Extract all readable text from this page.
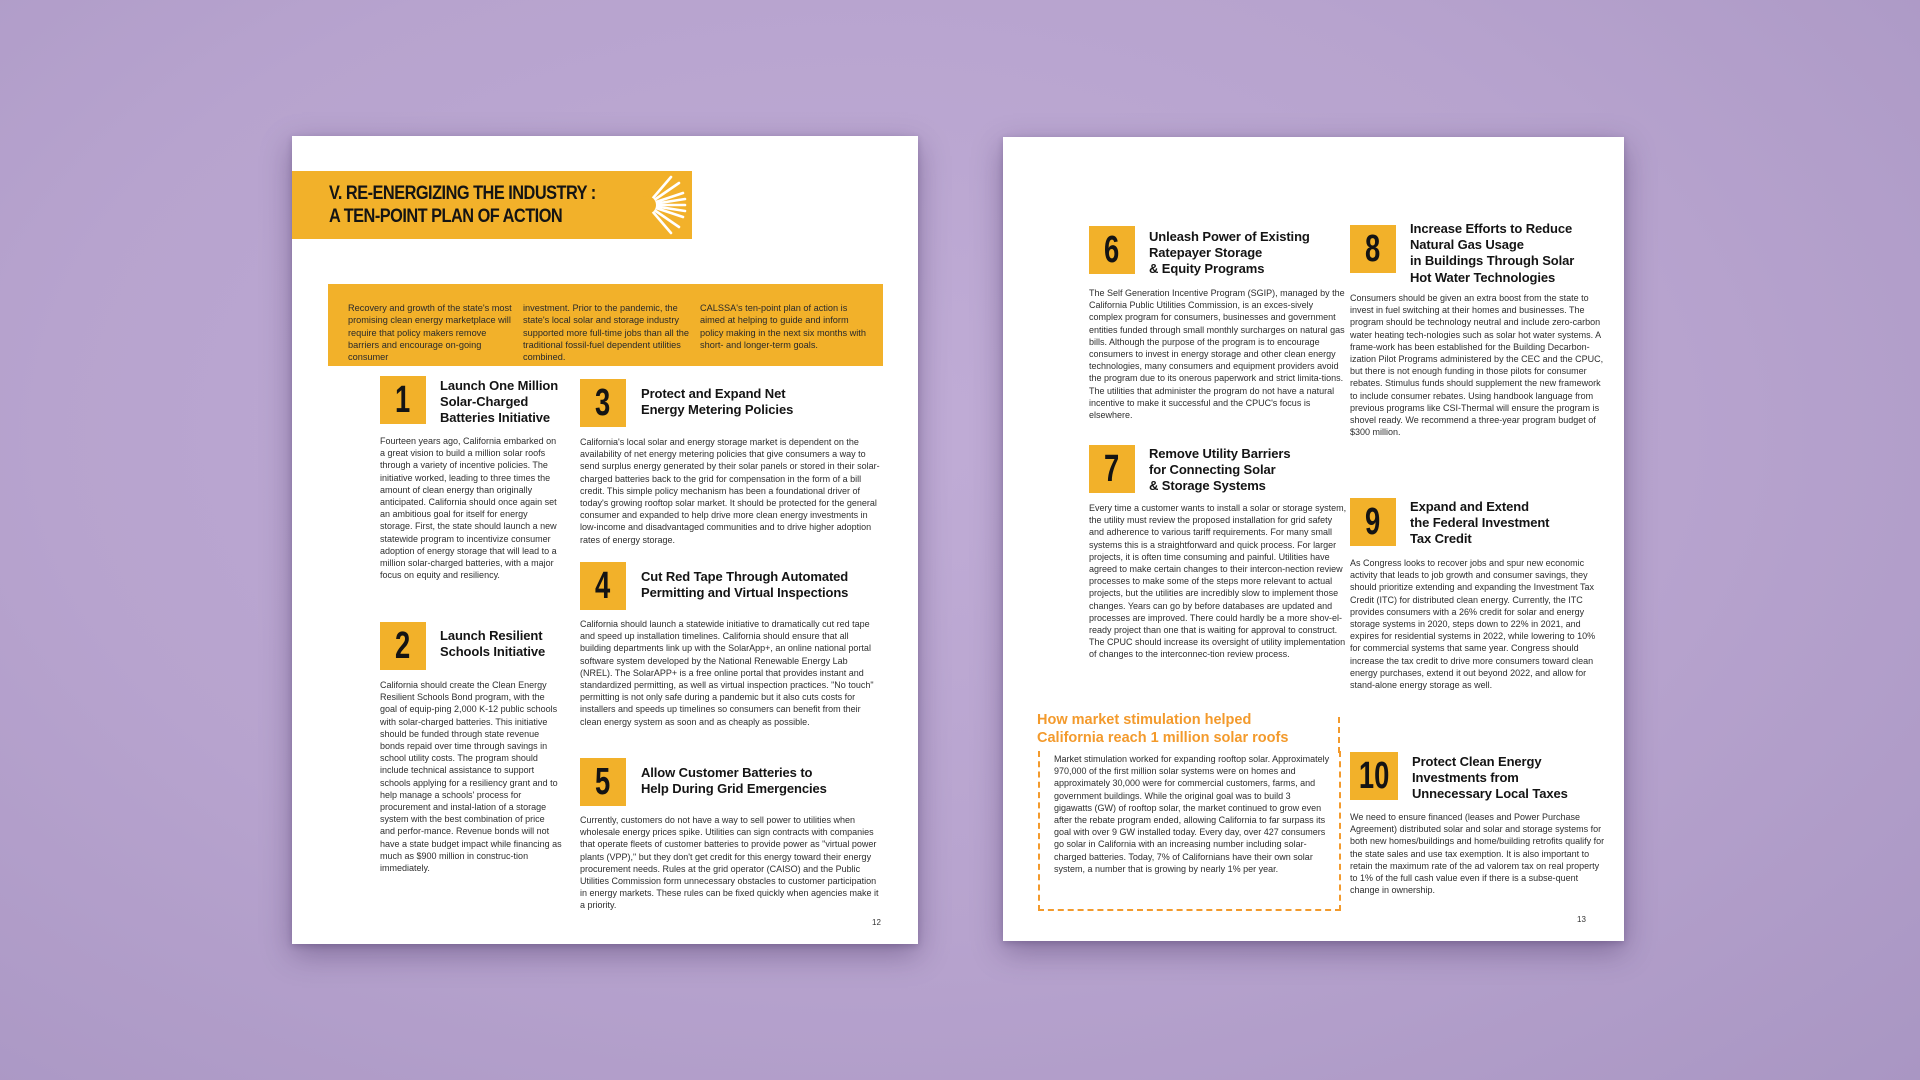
V. RE-ENERGIZING THE INDUSTRY :
A TEN-POINT PLAN OF ACTION

Recovery and growth of the state's most promising clean energy marketplace will require that policy makers remove barriers and encourage on-going consumer

investment. Prior to the pandemic, the state's local solar and storage industry supported more full-time jobs than all the traditional fossil-fuel dependent utilities combined.

CALSSA's ten-point plan of action is aimed at helping to guide and inform policy making in the next six months with short- and longer-term goals.

1 Launch One Million
Solar-Charged
Batteries Initiative

Fourteen years ago, California embarked on a great vision to build a million solar roofs through a variety of incentive policies. The initiative worked, leading to three times the amount of clean energy than originally anticipated. California should once again set an ambitious goal for itself for energy storage. First, the state should launch a new statewide program to incentivize consumer adoption of energy storage that will lead to a million solar-charged batteries, with a major focus on equity and resiliency.

2 Launch Resilient
Schools Initiative

California should create the Clean Energy Resilient Schools Bond program, with the goal of equip-ping 2,000 K-12 public schools with solar-charged batteries. This initiative should be funded through state revenue bonds repaid over time through savings in school utility costs. The program should include technical assistance to support schools applying for a resiliency grant and to help manage a schools' process for procurement and instal-lation of a storage system with the best combination of price and perfor-mance. Revenue bonds will not have a state budget impact while financing as much as $900 million in construc-tion immediately.

3 Protect and Expand Net
Energy Metering Policies

California's local solar and energy storage market is dependent on the availability of net energy metering policies that give consumers a way to send surplus energy generated by their solar panels or stored in their solar-charged batteries back to the grid for compensation in the form of a bill credit. This simple policy mechanism has been a foundational driver of today's growing rooftop solar market. It should be protected for the general consumer and expanded to help drive more clean energy investments in low-income and disadvantaged communities and to drive higher adoption rates of energy storage.

4 Cut Red Tape Through Automated
Permitting and Virtual Inspections

California should launch a statewide initiative to dramatically cut red tape and speed up installation timelines. California should ensure that all building departments link up with the SolarApp+, an online national portal software system developed by the National Renewable Energy Lab (NREL). The SolarAPP+ is a free online portal that provides instant and standardized permitting, as well as virtual inspection practices. "No touch" permitting is not only safe during a pandemic but it also cuts costs for installers and speeds up timelines so consumers can benefit from their clean energy system as soon and as cheaply as possible.

5 Allow Customer Batteries to
Help During Grid Emergencies

Currently, customers do not have a way to sell power to utilities when wholesale energy prices spike. Utilities can sign contracts with companies that operate fleets of customer batteries to provide power as "virtual power plants (VPP)," but they don't get credit for this energy toward their energy procurement needs. Rules at the grid operator (CAISO) and the Public Utilities Commission form unnecessary obstacles to customer participation in energy markets. These rules can be fixed quickly when agencies make it a priority.

12
6 Unleash Power of Existing
Ratepayer Storage
& Equity Programs

The Self Generation Incentive Program (SGIP), managed by the California Public Utilities Commission, is an exces-sively complex program for consumers, businesses and government entities funded through small monthly surcharges on natural gas bills. Although the purpose of the program is to encourage consumers to invest in energy storage and other clean energy technologies, many consumers and equipment providers avoid the program due to its onerous paperwork and strict limita-tions. The utilities that administer the program do not have a natural incentive to make it successful and the CPUC's focus is elsewhere.

7 Remove Utility Barriers
for Connecting Solar
& Storage Systems

Every time a customer wants to install a solar or storage system, the utility must review the proposed installation for grid safety and adherence to various tariff requirements. For many small systems this is a straightforward and quick process. For larger projects, it is often time consuming and painful. Utilities have agreed to make certain changes to their intercon-nection review processes to make some of the steps more relevant to actual projects, but the utilities are incredibly slow to implement those changes. Years can go by before databases are updated and processes are improved. There could hardly be a more shov-el-ready project than one that is waiting for approval to construct. The CPUC should increase its oversight of utility implementation of changes to the interconnec-tion review process.

How market stimulation helped
California reach 1 million solar roofs

Market stimulation worked for expanding rooftop solar. Approximately 970,000 of the first million solar systems were on homes and approximately 30,000 were for commercial customers, farms, and government buildings. While the original goal was to build 3 gigawatts (GW) of rooftop solar, the market continued to grow even after the rebate program ended, allowing California to far surpass its goal with over 9 GW installed today. Every day, over 427 consumers go solar in California with an increasing number including solar-charged batteries. Today, 7% of Californians have their own solar system, a number that is growing by nearly 1% per year.

8 Increase Efforts to Reduce
Natural Gas Usage
in Buildings Through Solar
Hot Water Technologies

Consumers should be given an extra boost from the state to invest in fuel switching at their homes and businesses. The program should be technology neutral and include zero-carbon water heating tech-nologies such as solar hot water systems. A frame-work has been established for the Building Decarbon-ization Pilot Programs administered by the CEC and the CPUC, but there is not enough funding in those pilots for consumer rebates. Stimulus funds should supplement the new framework to include consumer rebates. Using handbook language from previous programs like CSI-Thermal will ensure the program is shovel ready. We recommend a three-year program budget of $300 million.

9 Expand and Extend
the Federal Investment
Tax Credit

As Congress looks to recover jobs and spur new economic activity that leads to job growth and consumer savings, they should prioritize extending and expanding the Investment Tax Credit (ITC) for distributed clean energy. Currently, the ITC provides consumers with a 26% credit for solar and energy storage systems in 2020, steps down to 22% in 2021, and expires for residential systems in 2022, while lowering to 10% for commercial systems that same year. Congress should increase the tax credit to drive more consumers toward clean energy purchases, extend it out beyond 2022, and allow for stand-alone energy storage as well.

10 Protect Clean Energy
Investments from
Unnecessary Local Taxes

We need to ensure financed (leases and Power Purchase Agreement) distributed solar and solar and storage systems for both new homes/buildings and home/building retrofits qualify for the state sales and use tax exemption. It is also important to retain the maximum rate of the ad valorem tax on real property to 1% of the full cash value even if there is a subse-quent change in ownership.

13
